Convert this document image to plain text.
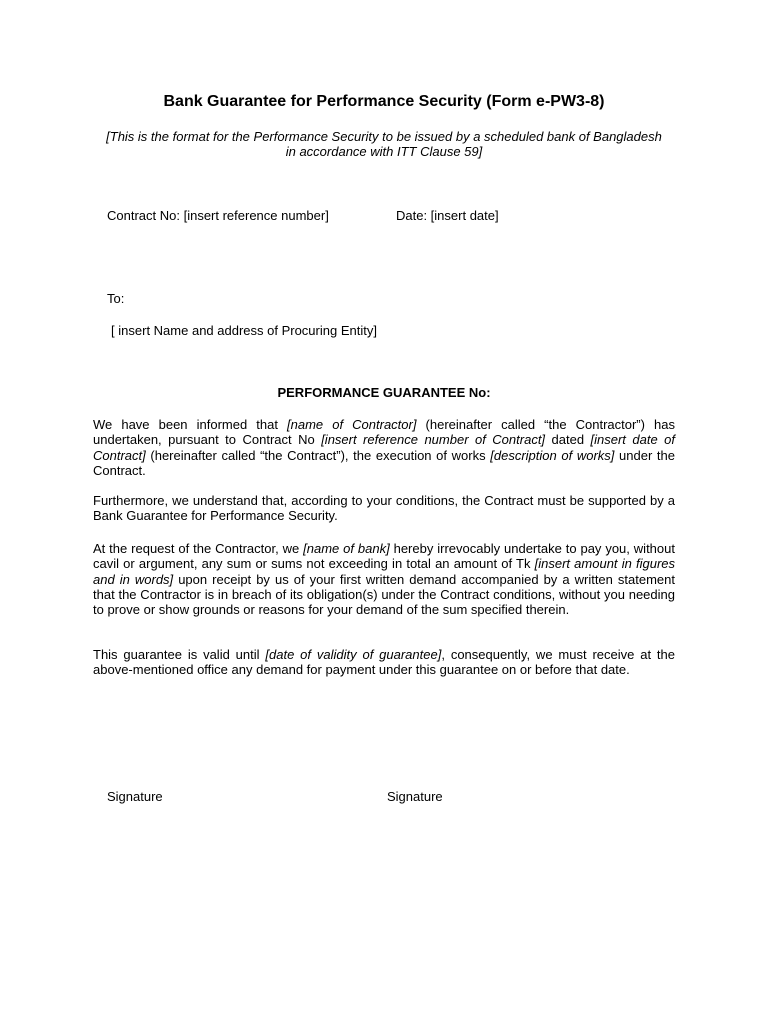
Bank Guarantee for Performance Security (Form e-PW3-8)
[This is the format for the Performance Security to be issued by a scheduled bank of Bangladesh in accordance with ITT Clause 59]
Contract No: [insert reference number]	Date: [insert date]
To:
[ insert Name and address of Procuring Entity]
PERFORMANCE GUARANTEE No:
We have been informed that [name of Contractor] (hereinafter called “the Contractor”) has undertaken, pursuant to Contract No [insert reference number of Contract] dated [insert date of Contract] (hereinafter called “the Contract”), the execution of works [description of works] under the Contract.
Furthermore, we understand that, according to your conditions, the Contract must be supported by a Bank Guarantee for Performance Security.
At the request of the Contractor, we [name of bank] hereby irrevocably undertake to pay you, without cavil or argument, any sum or sums not exceeding in total an amount of Tk [insert amount in figures and in words] upon receipt by us of your first written demand accompanied by a written statement that the Contractor is in breach of its obligation(s) under the Contract conditions, without you needing to prove or show grounds or reasons for your demand of the sum specified therein.
This guarantee is valid until [date of validity of guarantee], consequently, we must receive at the above-mentioned office any demand for payment under this guarantee on or before that date.
Signature	Signature
